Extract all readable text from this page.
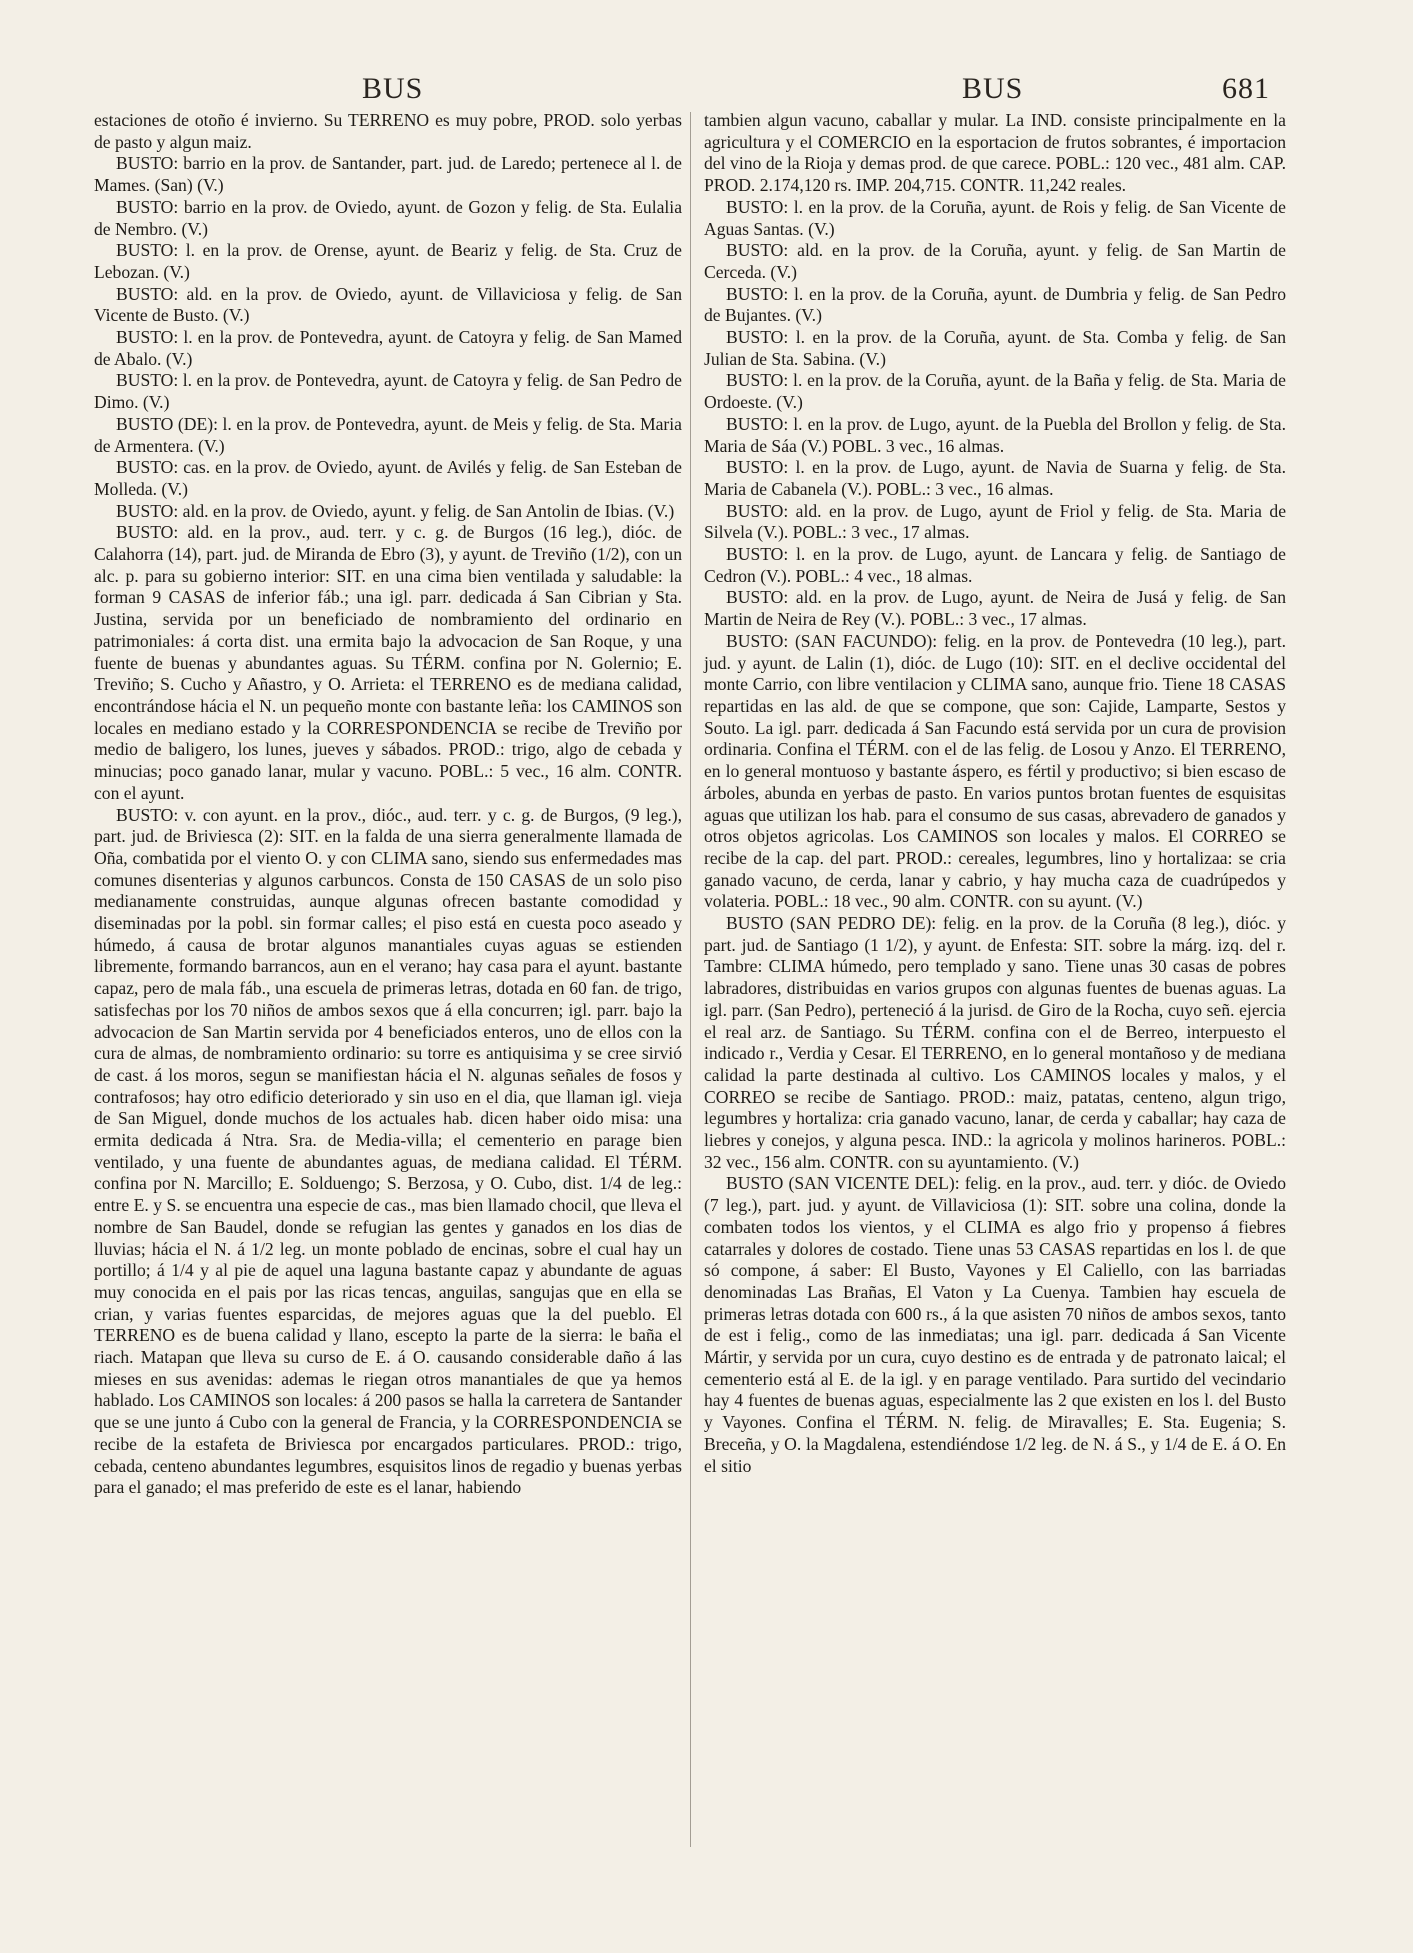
BUS	BUS	681

estaciones de otoño é invierno. Su TERRENO es muy pobre, PROD. solo yerbas de pasto y algun maiz.

BUSTO: barrio en la prov. de Santander, part. jud. de Laredo; pertenece al l. de Mames. (San) (V.)

BUSTO: barrio en la prov. de Oviedo, ayunt. de Gozon y felig. de Sta. Eulalia de Nembro. (V.)

BUSTO: l. en la prov. de Orense, ayunt. de Beariz y felig. de Sta. Cruz de Lebozan. (V.)

BUSTO: ald. en la prov. de Oviedo, ayunt. de Villaviciosa y felig. de San Vicente de Busto. (V.)

BUSTO: l. en la prov. de Pontevedra, ayunt. de Catoyra y felig. de San Mamed de Abalo. (V.)

BUSTO: l. en la prov. de Pontevedra, ayunt. de Catoyra y felig. de San Pedro de Dimo. (V.)

BUSTO (DE): l. en la prov. de Pontevedra, ayunt. de Meis y felig. de Sta. Maria de Armentera. (V.)

BUSTO: cas. en la prov. de Oviedo, ayunt. de Avilés y felig. de San Esteban de Molleda. (V.)

BUSTO: ald. en la prov. de Oviedo, ayunt. y felig. de San Antolin de Ibias. (V.)

BUSTO: ald. en la prov., aud. terr. y c. g. de Burgos (16 leg.), dióc. de Calahorra (14), part. jud. de Miranda de Ebro (3), y ayunt. de Treviño (1/2), con un alc. p. para su gobierno interior: SIT. en una cima bien ventilada y saludable: la forman 9 CASAS de inferior fáb.; una igl. parr. dedicada á San Cibrian y Sta. Justina, servida por un beneficiado de nombramiento del ordinario en patrimoniales: á corta dist. una ermita bajo la advocacion de San Roque, y una fuente de buenas y abundantes aguas. Su TÉRM. confina por N. Golernio; E. Treviño; S. Cucho y Añastro, y O. Arrieta: el TERRENO es de mediana calidad, encontrándose hácia el N. un pequeño monte con bastante leña: los CAMINOS son locales en mediano estado y la CORRESPONDENCIA se recibe de Treviño por medio de baligero, los lunes, jueves y sábados. PROD.: trigo, algo de cebada y minucias; poco ganado lanar, mular y vacuno. POBL.: 5 vec., 16 alm. CONTR. con el ayunt.

BUSTO: v. con ayunt. en la prov., dióc., aud. terr. y c. g. de Burgos, (9 leg.), part. jud. de Briviesca (2): SIT. en la falda de una sierra generalmente llamada de Oña, combatida por el viento O. y con CLIMA sano, siendo sus enfermedades mas comunes disenterias y algunos carbuncos. Consta de 150 CASAS de un solo piso medianamente construidas, aunque algunas ofrecen bastante comodidad y diseminadas por la pobl. sin formar calles; el piso está en cuesta poco aseado y húmedo, á causa de brotar algunos manantiales cuyas aguas se estienden libremente, formando barrancos, aun en el verano; hay casa para el ayunt. bastante capaz, pero de mala fáb., una escuela de primeras letras, dotada en 60 fan. de trigo, satisfechas por los 70 niños de ambos sexos que á ella concurren; igl. parr. bajo la advocacion de San Martin servida por 4 beneficiados enteros, uno de ellos con la cura de almas, de nombramiento ordinario: su torre es antiquisima y se cree sirvió de cast. á los moros, segun se manifiestan hácia el N. algunas señales de fosos y contrafosos; hay otro edificio deteriorado y sin uso en el dia, que llaman igl. vieja de San Miguel, donde muchos de los actuales hab. dicen haber oido misa: una ermita dedicada á Ntra. Sra. de Media-villa; el cementerio en parage bien ventilado, y una fuente de abundantes aguas, de mediana calidad. El TÉRM. confina por N. Marcillo; E. Solduengo; S. Berzosa, y O. Cubo, dist. 1/4 de leg.: entre E. y S. se encuentra una especie de cas., mas bien llamado chocil, que lleva el nombre de San Baudel, donde se refugian las gentes y ganados en los dias de lluvias; hácia el N. á 1/2 leg. un monte poblado de encinas, sobre el cual hay un portillo; á 1/4 y al pie de aquel una laguna bastante capaz y abundante de aguas muy conocida en el pais por las ricas tencas, anguilas, sangujas que en ella se crian, y varias fuentes esparcidas, de mejores aguas que la del pueblo. El TERRENO es de buena calidad y llano, escepto la parte de la sierra: le baña el riach. Matapan que lleva su curso de E. á O. causando considerable daño á las mieses en sus avenidas: ademas le riegan otros manantiales de que ya hemos hablado. Los CAMINOS son locales: á 200 pasos se halla la carretera de Santander que se une junto á Cubo con la general de Francia, y la CORRESPONDENCIA se recibe de la estafeta de Briviesca por encargados particulares. PROD.: trigo, cebada, centeno abundantes legumbres, esquisitos linos de regadio y buenas yerbas para el ganado; el mas preferido de este es el lanar, habiendo

tambien algun vacuno, caballar y mular. La IND. consiste principalmente en la agricultura y el COMERCIO en la esportacion de frutos sobrantes, é importacion del vino de la Rioja y demas prod. de que carece. POBL.: 120 vec., 481 alm. CAP. PROD. 2.174,120 rs. IMP. 204,715. CONTR. 11,242 reales.

BUSTO: l. en la prov. de la Coruña, ayunt. de Rois y felig. de San Vicente de Aguas Santas. (V.)

BUSTO: ald. en la prov. de la Coruña, ayunt. y felig. de San Martin de Cerceda. (V.)

BUSTO: l. en la prov. de la Coruña, ayunt. de Dumbria y felig. de San Pedro de Bujantes. (V.)

BUSTO: l. en la prov. de la Coruña, ayunt. de Sta. Comba y felig. de San Julian de Sta. Sabina. (V.)

BUSTO: l. en la prov. de la Coruña, ayunt. de la Baña y felig. de Sta. Maria de Ordoeste. (V.)

BUSTO: l. en la prov. de Lugo, ayunt. de la Puebla del Brollon y felig. de Sta. Maria de Sáa (V.) POBL. 3 vec., 16 almas.

BUSTO: l. en la prov. de Lugo, ayunt. de Navia de Suarna y felig. de Sta. Maria de Cabanela (V.). POBL.: 3 vec., 16 almas.

BUSTO: ald. en la prov. de Lugo, ayunt de Friol y felig. de Sta. Maria de Silvela (V.). POBL.: 3 vec., 17 almas.

BUSTO: l. en la prov. de Lugo, ayunt. de Lancara y felig. de Santiago de Cedron (V.). POBL.: 4 vec., 18 almas.

BUSTO: ald. en la prov. de Lugo, ayunt. de Neira de Jusá y felig. de San Martin de Neira de Rey (V.). POBL.: 3 vec., 17 almas.

BUSTO: (SAN FACUNDO): felig. en la prov. de Pontevedra (10 leg.), part. jud. y ayunt. de Lalin (1), dióc. de Lugo (10): SIT. en el declive occidental del monte Carrio, con libre ventilacion y CLIMA sano, aunque frio. Tiene 18 CASAS repartidas en las ald. de que se compone, que son: Cajide, Lamparte, Sestos y Souto. La igl. parr. dedicada á San Facundo está servida por un cura de provision ordinaria. Confina el TÉRM. con el de las felig. de Losou y Anzo. El TERRENO, en lo general montuoso y bastante áspero, es fértil y productivo; si bien escaso de árboles, abunda en yerbas de pasto. En varios puntos brotan fuentes de esquisitas aguas que utilizan los hab. para el consumo de sus casas, abrevadero de ganados y otros objetos agricolas. Los CAMINOS son locales y malos. El CORREO se recibe de la cap. del part. PROD.: cereales, legumbres, lino y hortalizaa: se cria ganado vacuno, de cerda, lanar y cabrio, y hay mucha caza de cuadrúpedos y volateria. POBL.: 18 vec., 90 alm. CONTR. con su ayunt. (V.)

BUSTO (SAN PEDRO DE): felig. en la prov. de la Coruña (8 leg.), dióc. y part. jud. de Santiago (1 1/2), y ayunt. de Enfesta: SIT. sobre la márg. izq. del r. Tambre: CLIMA húmedo, pero templado y sano. Tiene unas 30 casas de pobres labradores, distribuidas en varios grupos con algunas fuentes de buenas aguas. La igl. parr. (San Pedro), perteneció á la jurisd. de Giro de la Rocha, cuyo señ. ejercia el real arz. de Santiago. Su TÉRM. confina con el de Berreo, interpuesto el indicado r., Verdia y Cesar. El TERRENO, en lo general montañoso y de mediana calidad la parte destinada al cultivo. Los CAMINOS locales y malos, y el CORREO se recibe de Santiago. PROD.: maiz, patatas, centeno, algun trigo, legumbres y hortaliza: cria ganado vacuno, lanar, de cerda y caballar; hay caza de liebres y conejos, y alguna pesca. IND.: la agricola y molinos harineros. POBL.: 32 vec., 156 alm. CONTR. con su ayuntamiento. (V.)

BUSTO (SAN VICENTE DEL): felig. en la prov., aud. terr. y dióc. de Oviedo (7 leg.), part. jud. y ayunt. de Villaviciosa (1): SIT. sobre una colina, donde la combaten todos los vientos, y el CLIMA es algo frio y propenso á fiebres catarrales y dolores de costado. Tiene unas 53 CASAS repartidas en los l. de que só compone, á saber: El Busto, Vayones y El Caliello, con las barriadas denominadas Las Brañas, El Vaton y La Cuenya. Tambien hay escuela de primeras letras dotada con 600 rs., á la que asisten 70 niños de ambos sexos, tanto de est i felig., como de las inmediatas; una igl. parr. dedicada á San Vicente Mártir, y servida por un cura, cuyo destino es de entrada y de patronato laical; el cementerio está al E. de la igl. y en parage ventilado. Para surtido del vecindario hay 4 fuentes de buenas aguas, especialmente las 2 que existen en los l. del Busto y Vayones. Confina el TÉRM. N. felig. de Miravalles; E. Sta. Eugenia; S. Breceña, y O. la Magdalena, estendiéndose 1/2 leg. de N. á S., y 1/4 de E. á O. En el sitio
